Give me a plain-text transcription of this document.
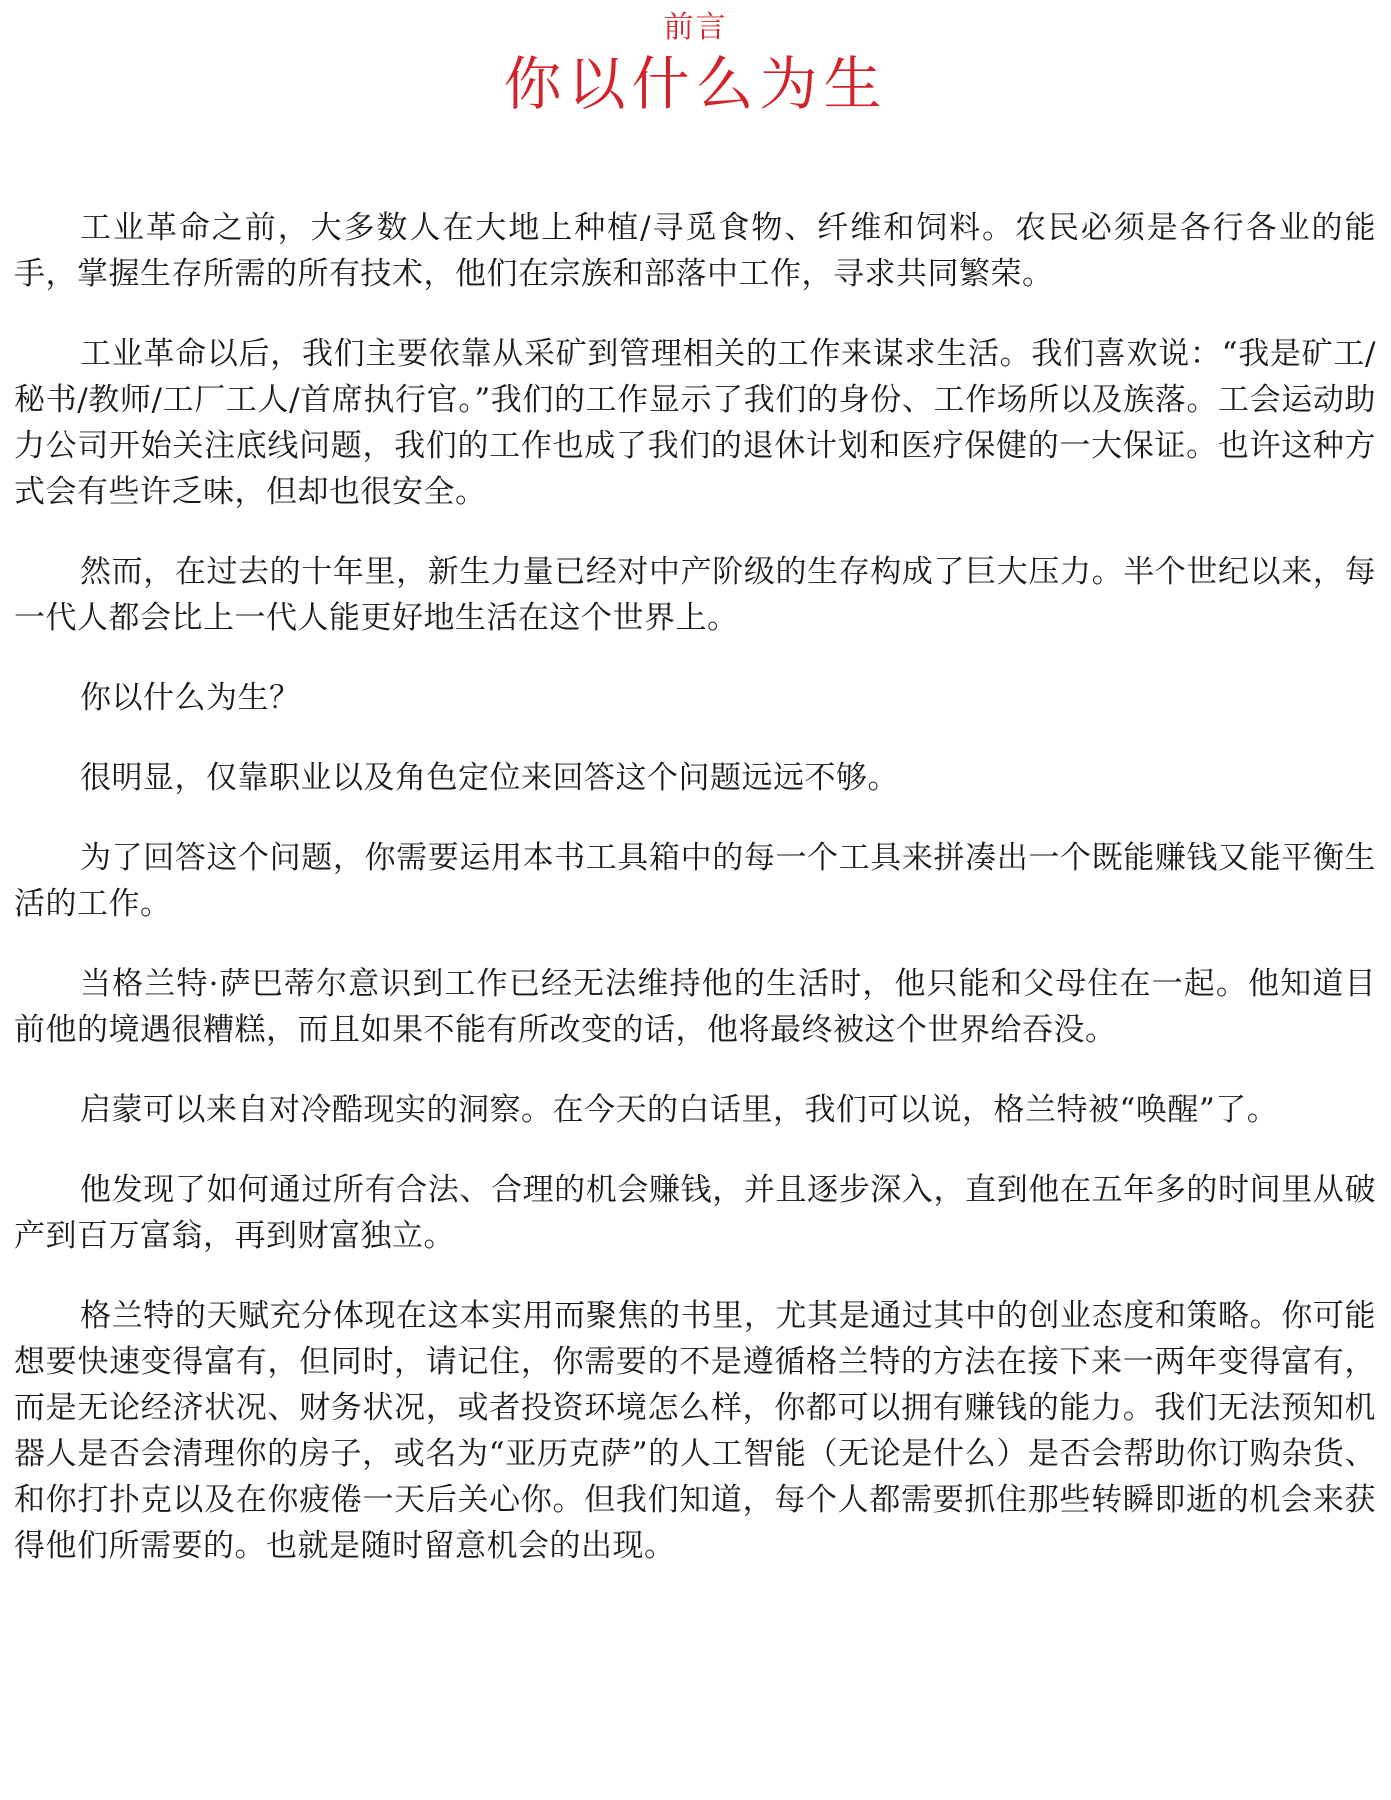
前言
你以什么为生

工业革命之前，大多数人在大地上种植/寻觅食物、纤维和饲料。农民必须是各行各业的能手，掌握生存所需的所有技术，他们在宗族和部落中工作，寻求共同繁荣。

工业革命以后，我们主要依靠从采矿到管理相关的工作来谋求生活。我们喜欢说：“我是矿工/秘书/教师/工厂工人/首席执行官。”我们的工作显示了我们的身份、工作场所以及族落。工会运动助力公司开始关注底线问题，我们的工作也成了我们的退休计划和医疗保健的一大保证。也许这种方式会有些许乏味，但却也很安全。

然而，在过去的十年里，新生力量已经对中产阶级的生存构成了巨大压力。半个世纪以来，每一代人都会比上一代人能更好地生活在这个世界上。

你以什么为生？

很明显，仅靠职业以及角色定位来回答这个问题远远不够。

为了回答这个问题，你需要运用本书工具箱中的每一个工具来拼凑出一个既能赚钱又能平衡生活的工作。

当格兰特·萨巴蒂尔意识到工作已经无法维持他的生活时，他只能和父母住在一起。他知道目前他的境遇很糟糕，而且如果不能有所改变的话，他将最终被这个世界给吞没。

启蒙可以来自对冷酷现实的洞察。在今天的白话里，我们可以说，格兰特被“唤醒”了。

他发现了如何通过所有合法、合理的机会赚钱，并且逐步深入，直到他在五年多的时间里从破产到百万富翁，再到财富独立。

格兰特的天赋充分体现在这本实用而聚焦的书里，尤其是通过其中的创业态度和策略。你可能想要快速变得富有，但同时，请记住，你需要的不是遵循格兰特的方法在接下来一两年变得富有，而是无论经济状况、财务状况，或者投资环境怎么样，你都可以拥有赚钱的能力。我们无法预知机器人是否会清理你的房子，或名为“亚历克萨”的人工智能（无论是什么）是否会帮助你订购杂货、和你打扑克以及在你疲倦一天后关心你。但我们知道，每个人都需要抓住那些转瞬即逝的机会来获得他们所需要的。也就是随时留意机会的出现。
